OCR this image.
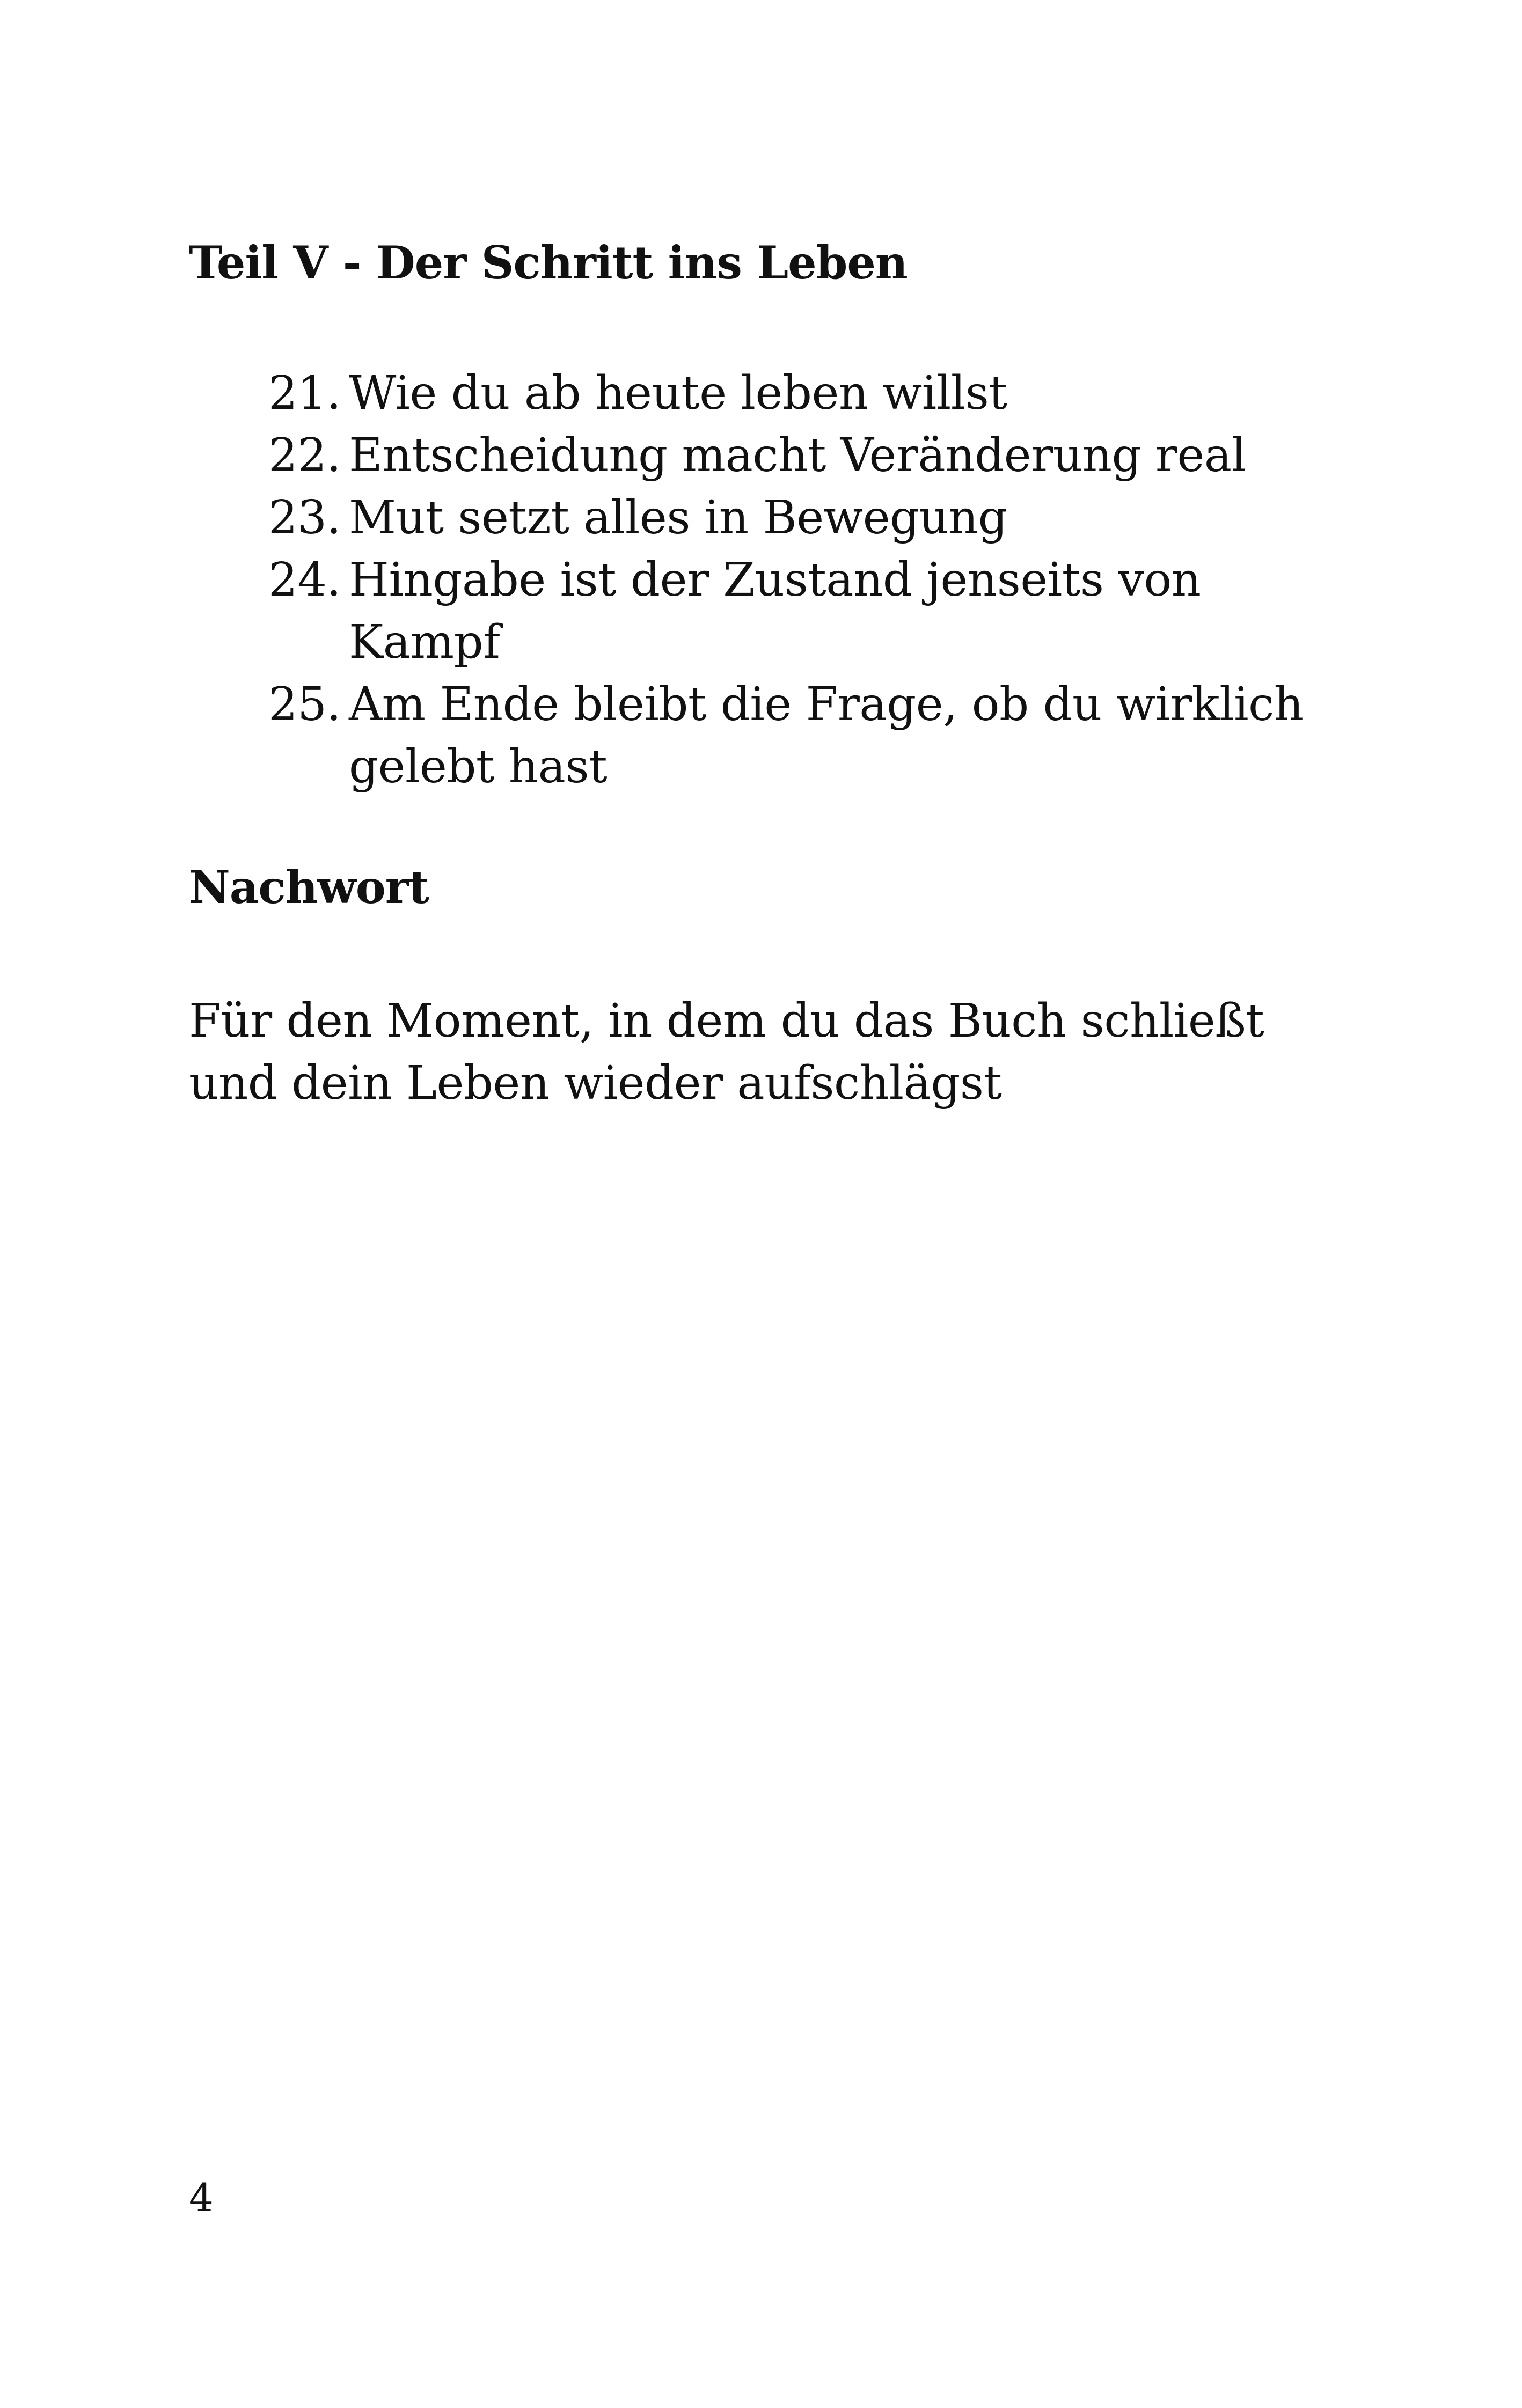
Teil V - Der Schritt ins Leben
21. Wie du ab heute leben willst
22. Entscheidung macht Veränderung real
23. Mut setzt alles in Bewegung
24. Hingabe ist der Zustand jenseits von Kampf
25. Am Ende bleibt die Frage, ob du wirklich gelebt hast
Nachwort

Für den Moment, in dem du das Buch schließt
und dein Leben wieder aufschlägst

4
